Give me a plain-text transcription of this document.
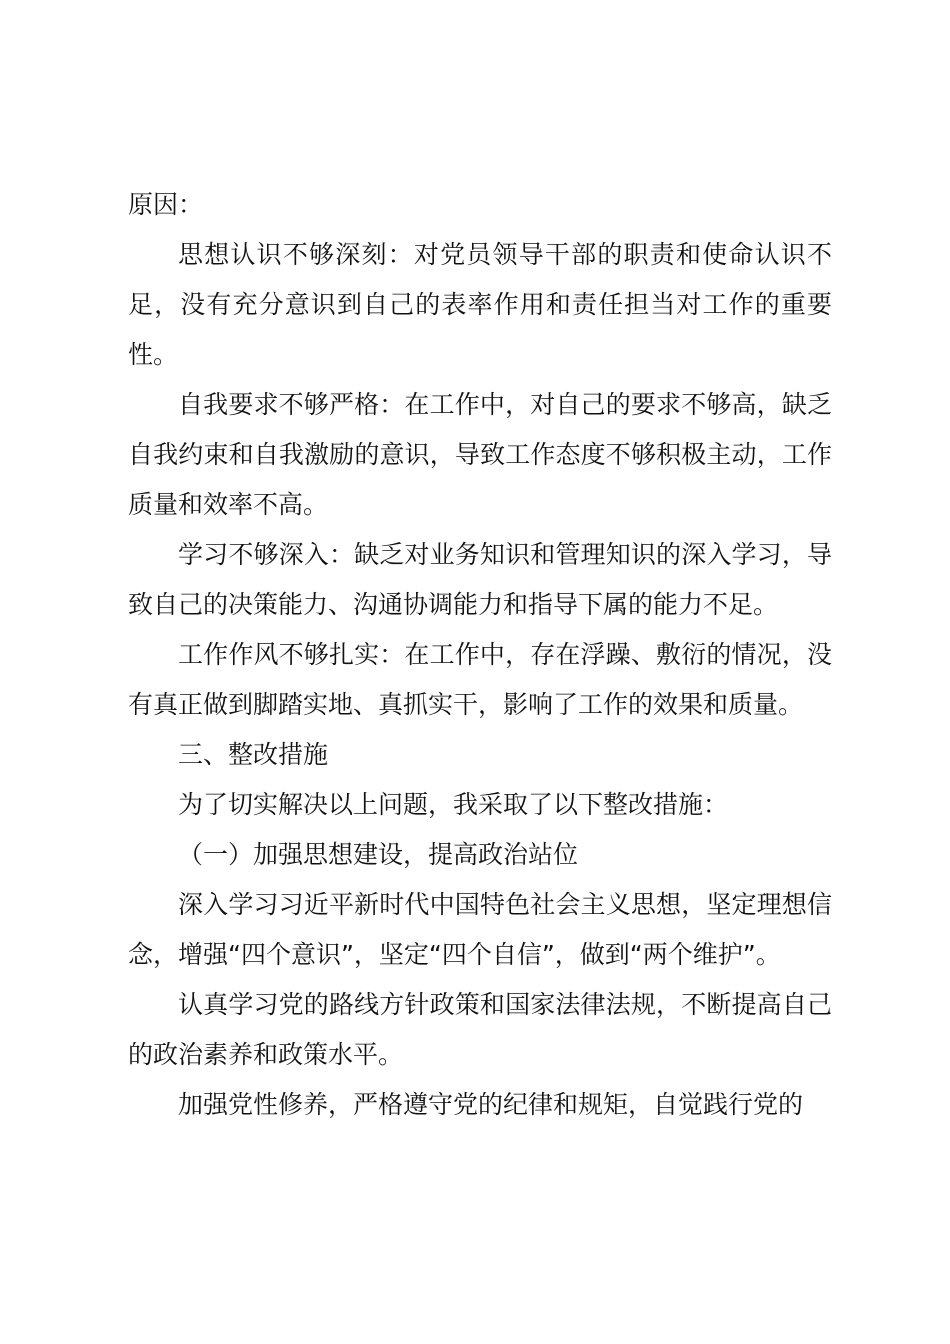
原因：

思想认识不够深刻：对党员领导干部的职责和使命认识不足，没有充分意识到自己的表率作用和责任担当对工作的重要性。

自我要求不够严格：在工作中，对自己的要求不够高，缺乏自我约束和自我激励的意识，导致工作态度不够积极主动，工作质量和效率不高。

学习不够深入：缺乏对业务知识和管理知识的深入学习，导致自己的决策能力、沟通协调能力和指导下属的能力不足。

工作作风不够扎实：在工作中，存在浮躁、敷衍的情况，没有真正做到脚踏实地、真抓实干，影响了工作的效果和质量。

三、整改措施

为了切实解决以上问题，我采取了以下整改措施：

（一）加强思想建设，提高政治站位

深入学习习近平新时代中国特色社会主义思想，坚定理想信念，增强“四个意识”，坚定“四个自信”，做到“两个维护”。

认真学习党的路线方针政策和国家法律法规，不断提高自己的政治素养和政策水平。

加强党性修养，严格遵守党的纪律和规矩，自觉践行党的
